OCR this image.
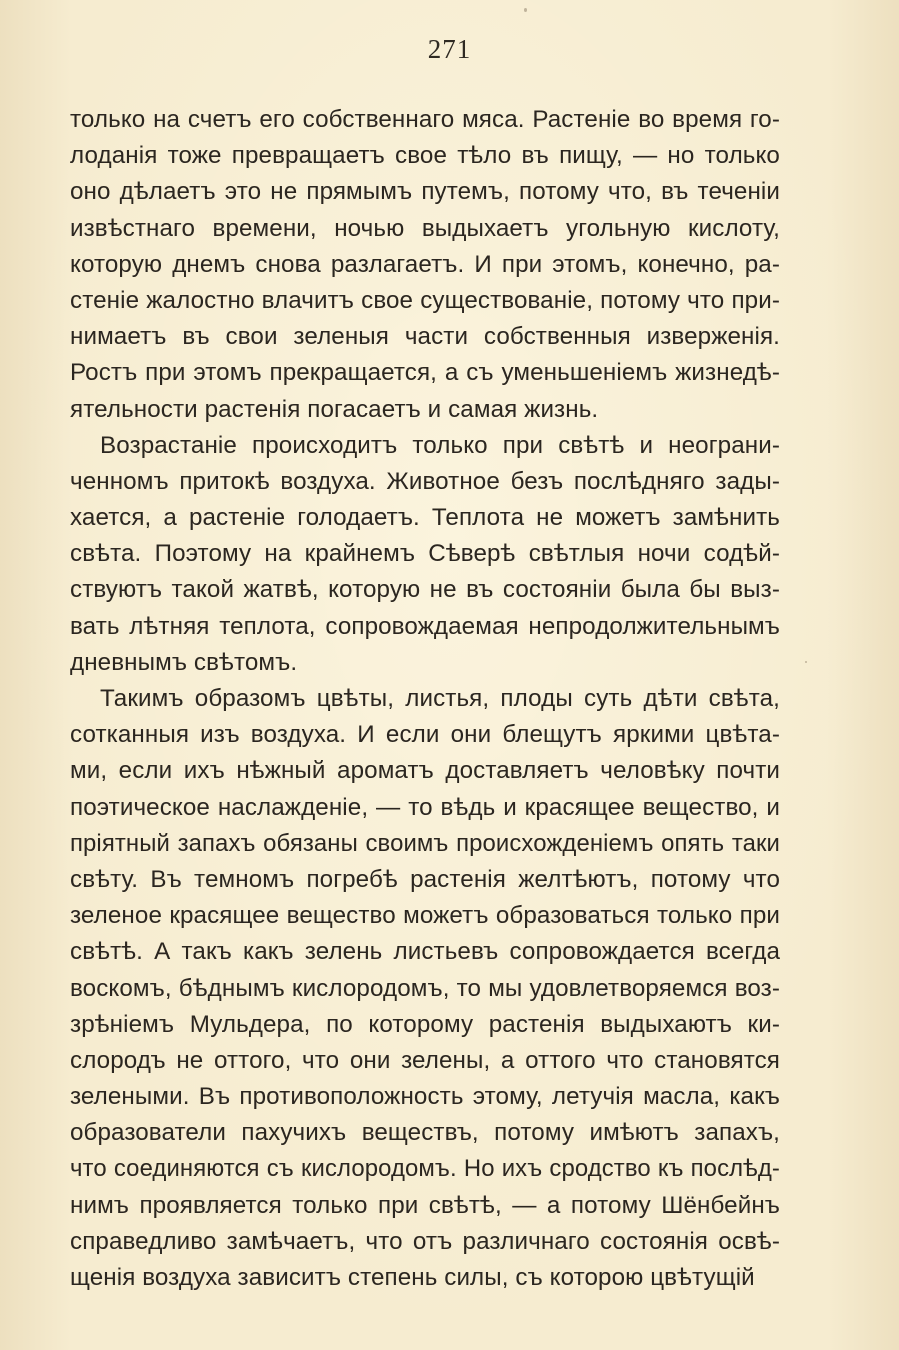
271
только на счетъ его собственнаго мяса. Растеніе во время го-
лоданія тоже превращаетъ свое тѣло въ пищу, — но только
оно дѣлаетъ это не прямымъ путемъ, потому что, въ теченіи
извѣстнаго времени, ночью выдыхаетъ угольную кислоту,
которую днемъ снова разлагаетъ. И при этомъ, конечно, ра-
стеніе жалостно влачитъ свое существованіе, потому что при-
нимаетъ въ свои зеленыя части собственныя изверженія.
Ростъ при этомъ прекращается, а съ уменьшеніемъ жизнедѣ-
ятельности растенія погасаетъ и самая жизнь.
Возрастаніе происходитъ только при свѣтѣ и неограни-
ченномъ притокѣ воздуха. Животное безъ послѣдняго зады-
хается, а растеніе голодаетъ. Теплота не можетъ замѣнить
свѣта. Поэтому на крайнемъ Сѣверѣ свѣтлыя ночи содѣй-
ствуютъ такой жатвѣ, которую не въ состояніи была бы выз-
вать лѣтняя теплота, сопровождаемая непродолжительнымъ
дневнымъ свѣтомъ.
Такимъ образомъ цвѣты, листья, плоды суть дѣти свѣта,
сотканныя изъ воздуха. И если они блещутъ яркими цвѣта-
ми, если ихъ нѣжный ароматъ доставляетъ человѣку почти
поэтическое наслажденіе, — то вѣдь и красящее вещество, и
пріятный запахъ обязаны своимъ происхожденіемъ опять таки
свѣту. Въ темномъ погребѣ растенія желтѣютъ, потому что
зеленое красящее вещество можетъ образоваться только при
свѣтѣ. А такъ какъ зелень листьевъ сопровождается всегда
воскомъ, бѣднымъ кислородомъ, то мы удовлетворяемся воз-
зрѣніемъ Мульдера, по которому растенія выдыхаютъ ки-
слородъ не оттого, что они зелены, а оттого что становятся
зелеными. Въ противоположность этому, летучія масла, какъ
образователи пахучихъ веществъ, потому имѣютъ запахъ,
что соединяются съ кислородомъ. Но ихъ сродство къ послѣд-
нимъ проявляется только при свѣтѣ, — а потому Шёнбейнъ
справедливо замѣчаетъ, что отъ различнаго состоянія освѣ-
щенія воздуха зависитъ степень силы, съ которою цвѣтущій
